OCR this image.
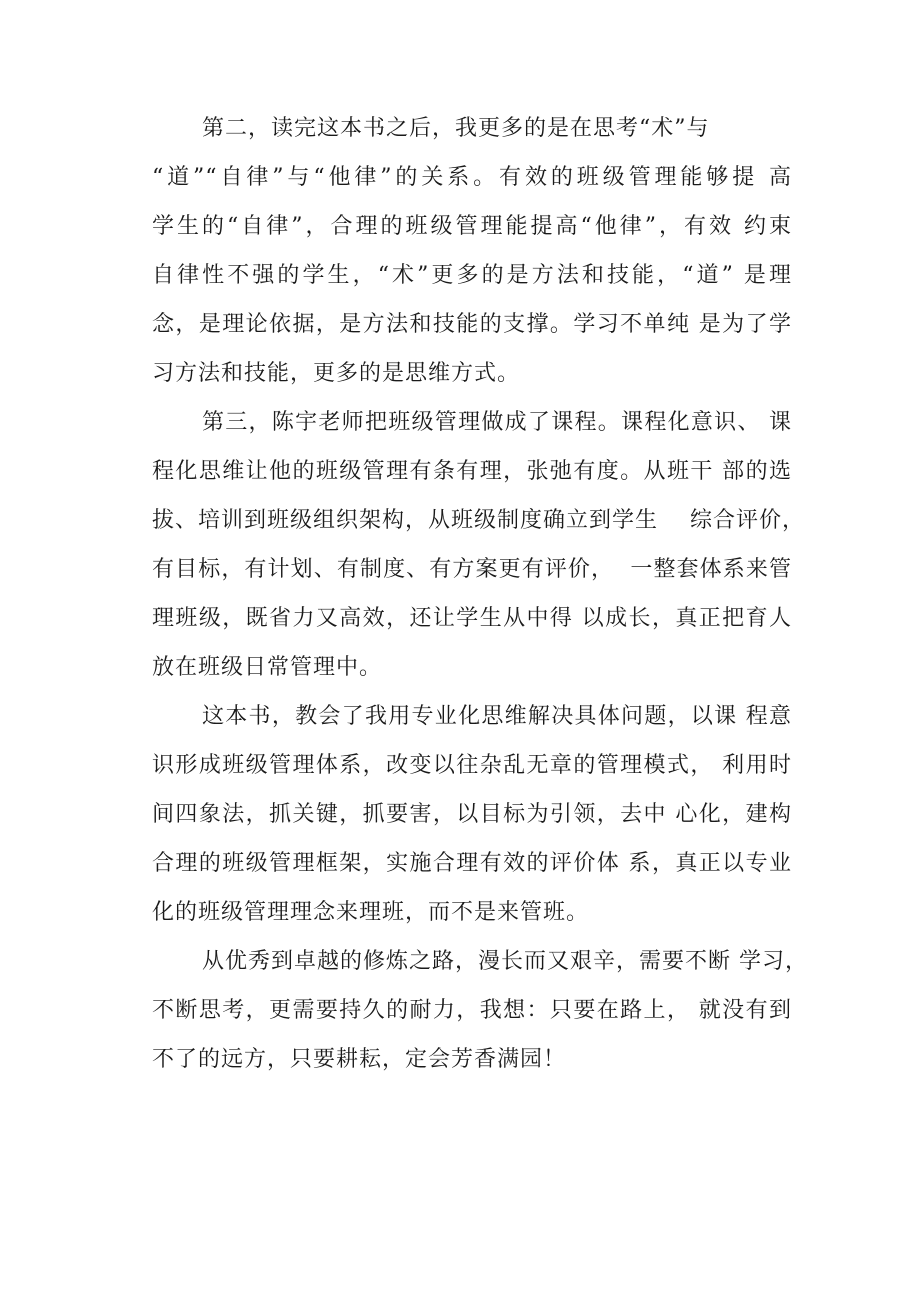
第二，读完这本书之后，我更多的是在思考“术”与
“道”“自律”与“他律”的关系。有效的班级管理能够提 高
学生的“自律”，合理的班级管理能提高“他律”，有效 约束
自律性不强的学生，“术”更多的是方法和技能，“道” 是理
念，是理论依据，是方法和技能的支撑。学习不单纯 是为了学
习方法和技能，更多的是思维方式。
第三，陈宇老师把班级管理做成了课程。课程化意识、 课
程化思维让他的班级管理有条有理，张弛有度。从班干 部的选
拔、培训到班级组织架构，从班级制度确立到学生    综合评价，
有目标，有计划、有制度、有方案更有评价，  一整套体系来管
理班级，既省力又高效，还让学生从中得 以成长，真正把育人
放在班级日常管理中。
这本书，教会了我用专业化思维解决具体问题，以课 程意
识形成班级管理体系，改变以往杂乱无章的管理模式， 利用时
间四象法，抓关键，抓要害，以目标为引领，去中 心化，建构
合理的班级管理框架，实施合理有效的评价体 系，真正以专业
化的班级管理理念来理班，而不是来管班。
从优秀到卓越的修炼之路，漫长而又艰辛，需要不断 学习，
不断思考，更需要持久的耐力，我想：只要在路上， 就没有到
不了的远方，只要耕耘，定会芳香满园！
